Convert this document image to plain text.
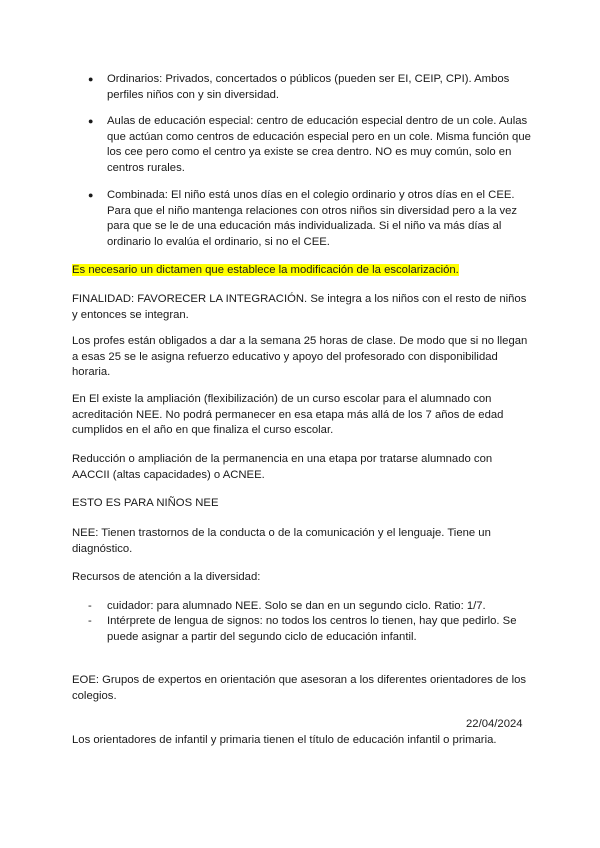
● Ordinarios: Privados, concertados o públicos (pueden ser EI, CEIP, CPI). Ambos perfiles niños con y sin diversidad.
● Aulas de educación especial: centro de educación especial dentro de un cole. Aulas que actúan como centros de educación especial pero en un cole. Misma función que los cee pero como el centro ya existe se crea dentro. NO es muy común, solo en centros rurales.
● Combinada: El niño está unos días en el colegio ordinario y otros días en el CEE. Para que el niño mantenga relaciones con otros niños sin diversidad pero a la vez para que se le de una educación más individualizada. Si el niño va más días al ordinario lo evalúa el ordinario, si no el CEE.

Es necesario un dictamen que establece la modificación de la escolarización.

FINALIDAD: FAVORECER LA INTEGRACIÓN. Se integra a los niños con el resto de niños y entonces se integran.

Los profes están obligados a dar a la semana 25 horas de clase. De modo que si no llegan a esas 25 se le asigna refuerzo educativo y apoyo del profesorado con disponibilidad horaria.

En El existe la ampliación (flexibilización) de un curso escolar para el alumnado con acreditación NEE. No podrá permanecer en esa etapa más allá de los 7 años de edad cumplidos en el año en que finaliza el curso escolar.

Reducción o ampliación de la permanencia en una etapa por tratarse alumnado con AACCII (altas capacidades) o ACNEE.

ESTO ES PARA NIÑOS NEE

NEE: Tienen trastornos de la conducta o de la comunicación y el lenguaje. Tiene un diagnóstico.

Recursos de atención a la diversidad:

- cuidador: para alumnado NEE. Solo se dan en un segundo ciclo. Ratio: 1/7.
- Intérprete de lengua de signos: no todos los centros lo tienen, hay que pedirlo. Se puede asignar a partir del segundo ciclo de educación infantil.

EOE: Grupos de expertos en orientación que asesoran a los diferentes orientadores de los colegios.

22/04/2024

Los orientadores de infantil y primaria tienen el título de educación infantil o primaria.
